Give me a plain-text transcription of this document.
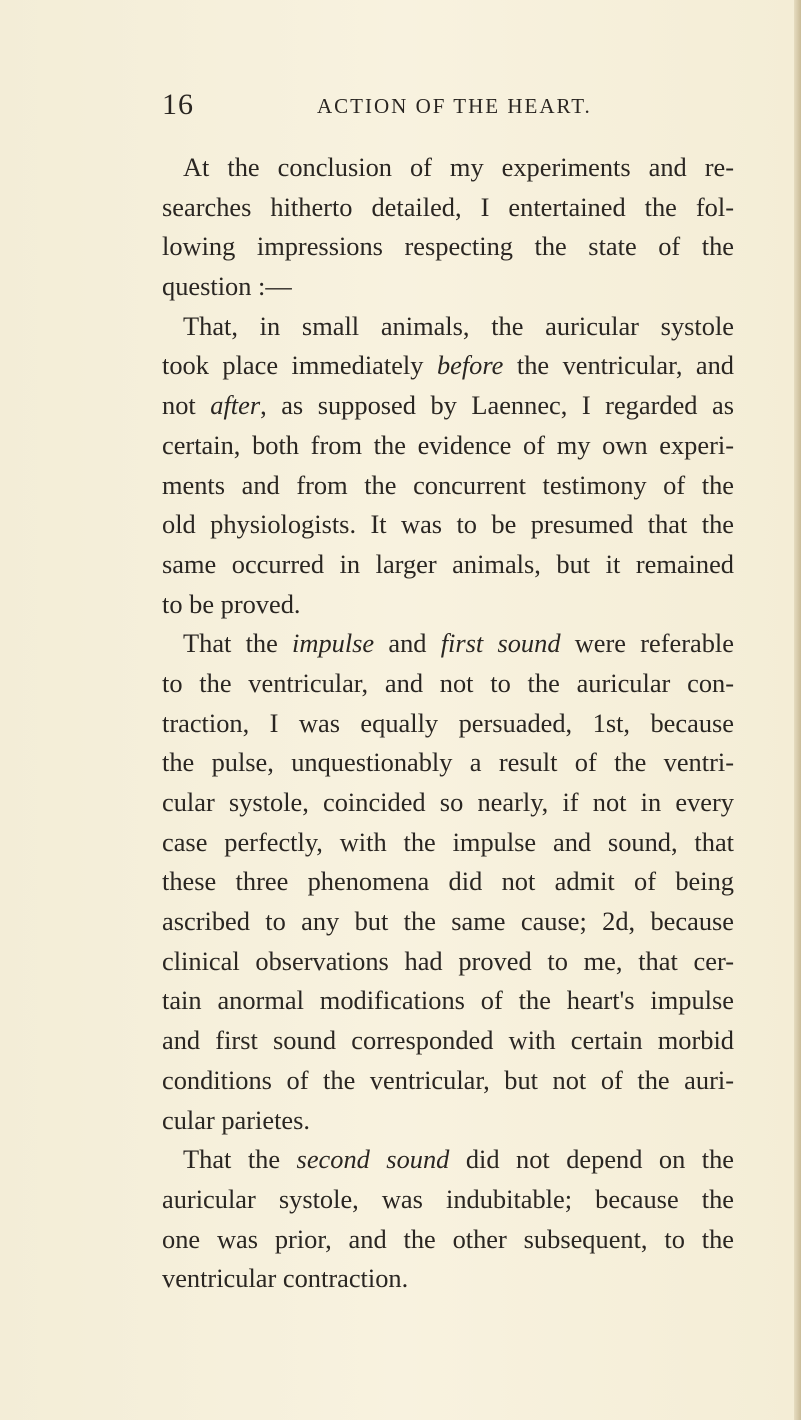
16	ACTION OF THE HEART.
At the conclusion of my experiments and re-
searches hitherto detailed, I entertained the fol-
lowing impressions respecting the state of the
question :—
That, in small animals, the auricular systole
took place immediately before the ventricular, and
not after , as supposed by Laennec, I regarded as
certain, both from the evidence of my own experi-
ments and from the concurrent testimony of the
old physiologists. It was to be presumed that the
same occurred in larger animals, but it remained
to be proved.
That the impulse and first sound were referable
to the ventricular, and not to the auricular con-
traction, I was equally persuaded, 1st, because
the pulse, unquestionably a result of the ventri-
cular systole, coincided so nearly, if not in every
case perfectly, with the impulse and sound, that
these three phenomena did not admit of being
ascribed to any but the same cause; 2d, because
clinical observations had proved to me, that cer-
tain anormal modifications of the heart's impulse
and first sound corresponded with certain morbid
conditions of the ventricular, but not of the auri-
cular parietes.
That the second sound did not depend on the
auricular systole, was indubitable; because the
one was prior, and the other subsequent, to the
ventricular contraction.
